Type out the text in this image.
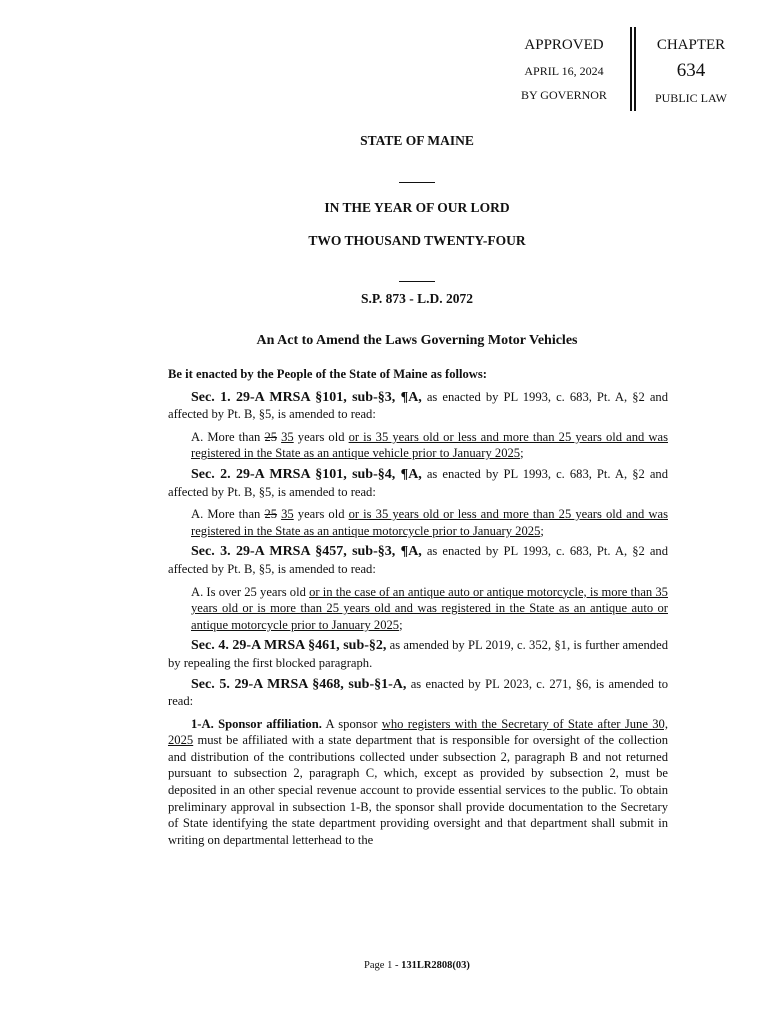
APPROVED
APRIL 16, 2024
BY GOVERNOR
CHAPTER
634
PUBLIC LAW
STATE OF MAINE
IN THE YEAR OF OUR LORD
TWO THOUSAND TWENTY-FOUR
S.P. 873 - L.D. 2072
An Act to Amend the Laws Governing Motor Vehicles

Be it enacted by the People of the State of Maine as follows:

Sec. 1. 29-A MRSA §101, sub-§3, ¶A, as enacted by PL 1993, c. 683, Pt. A, §2 and affected by Pt. B, §5, is amended to read:

A. More than 25 35 years old or is 35 years old or less and more than 25 years old and was registered in the State as an antique vehicle prior to January 2025;

Sec. 2. 29-A MRSA §101, sub-§4, ¶A, as enacted by PL 1993, c. 683, Pt. A, §2 and affected by Pt. B, §5, is amended to read:

A. More than 25 35 years old or is 35 years old or less and more than 25 years old and was registered in the State as an antique motorcycle prior to January 2025;

Sec. 3. 29-A MRSA §457, sub-§3, ¶A, as enacted by PL 1993, c. 683, Pt. A, §2 and affected by Pt. B, §5, is amended to read:

A. Is over 25 years old or in the case of an antique auto or antique motorcycle, is more than 35 years old or is more than 25 years old and was registered in the State as an antique auto or antique motorcycle prior to January 2025;

Sec. 4. 29-A MRSA §461, sub-§2, as amended by PL 2019, c. 352, §1, is further amended by repealing the first blocked paragraph.

Sec. 5. 29-A MRSA §468, sub-§1-A, as enacted by PL 2023, c. 271, §6, is amended to read:

1-A. Sponsor affiliation. A sponsor who registers with the Secretary of State after June 30, 2025 must be affiliated with a state department that is responsible for oversight of the collection and distribution of the contributions collected under subsection 2, paragraph B and not returned pursuant to subsection 2, paragraph C, which, except as provided by subsection 2, must be deposited in an other special revenue account to provide essential services to the public. To obtain preliminary approval in subsection 1-B, the sponsor shall provide documentation to the Secretary of State identifying the state department providing oversight and that department shall submit in writing on departmental letterhead to the

Page 1 - 131LR2808(03)
